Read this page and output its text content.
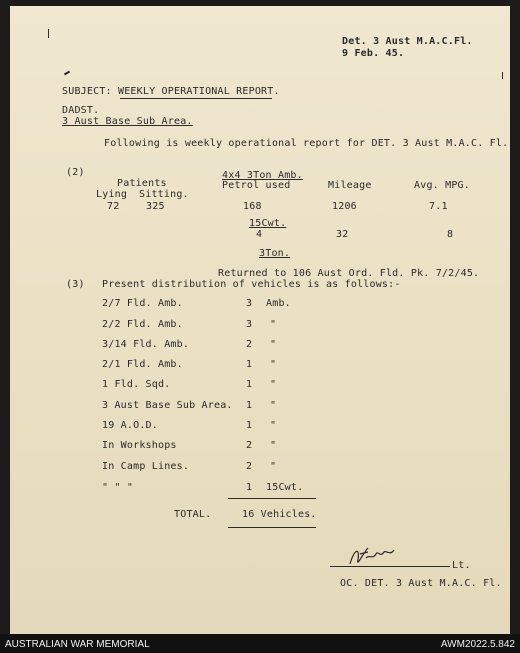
Det. 3 Aust M.A.C.Fl.
9 Feb. 45.
SUBJECT: WEEKLY OPERATIONAL REPORT.
DADST.
3 Aust Base Sub Area.
Following is weekly operational report for DET. 3 Aust M.A.C. Fl.
(2)
Patients
Lying Sitting.
72	325
4x4 3Ton Amb.
Petrol used	Mileage	Avg. MPG.
168	1206	7.1
15Cwt.
4	32	8
3Ton.
Returned to 106 Aust Ord. Fld. Pk. 7/2/45.
(3) Present distribution of vehicles is as follows:-
2/7 Fld. Amb.	3 Amb.
2/2 Fld. Amb.	3 "
3/14 Fld. Amb.	2 "
2/1 Fld. Amb.	1 "
1 Fld. Sqd.	1 "
3 Aust Base Sub Area. 1 "
19 A.O.D.	1 "
In Workshops	2 "
In Camp Lines.	2 "
" " "	1 15Cwt.
TOTAL.	16 Vehicles.
Lt.
OC. DET. 3 Aust M.A.C. Fl.
AUSTRALIAN WAR MEMORIAL	AWM2022.5.842
